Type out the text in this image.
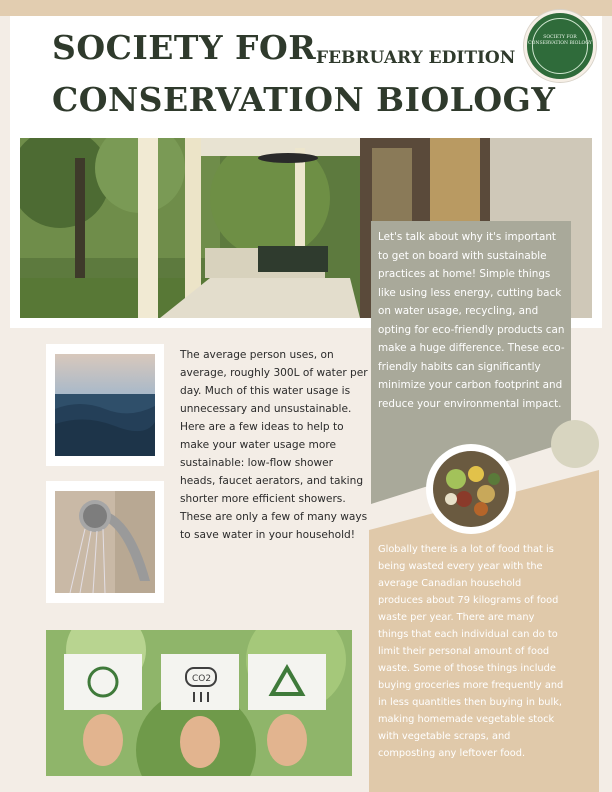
SOCIETY FOR FEBRUARY EDITION
CONSERVATION BIOLOGY
SOCIETY FOR CONSERVATION BIOLOGY
Let's talk about why it's important to get on board with sustainable practices at home! Simple things like using less energy, cutting back on water usage, recycling, and opting for eco-friendly products can make a huge difference. These eco-friendly habits can significantly minimize your carbon footprint and reduce your environmental impact.
Globally there is a lot of food that is being wasted every year with the average Canadian household produces about 79 kilograms of food waste per year. There are many things that each individual can do to limit their personal amount of food waste. Some of those things include buying groceries more frequently and in less quantities then buying in bulk, making homemade vegetable stock with vegetable scraps, and composting any leftover food.
The average person uses, on average, roughly 300L of water per day. Much of this water usage is unnecessary and unsustainable. Here are a few ideas to help to make your water usage more sustainable: low-flow shower heads, faucet aerators, and taking shorter more efficient showers. These are only a few of many ways to save water in your household!
CO2
